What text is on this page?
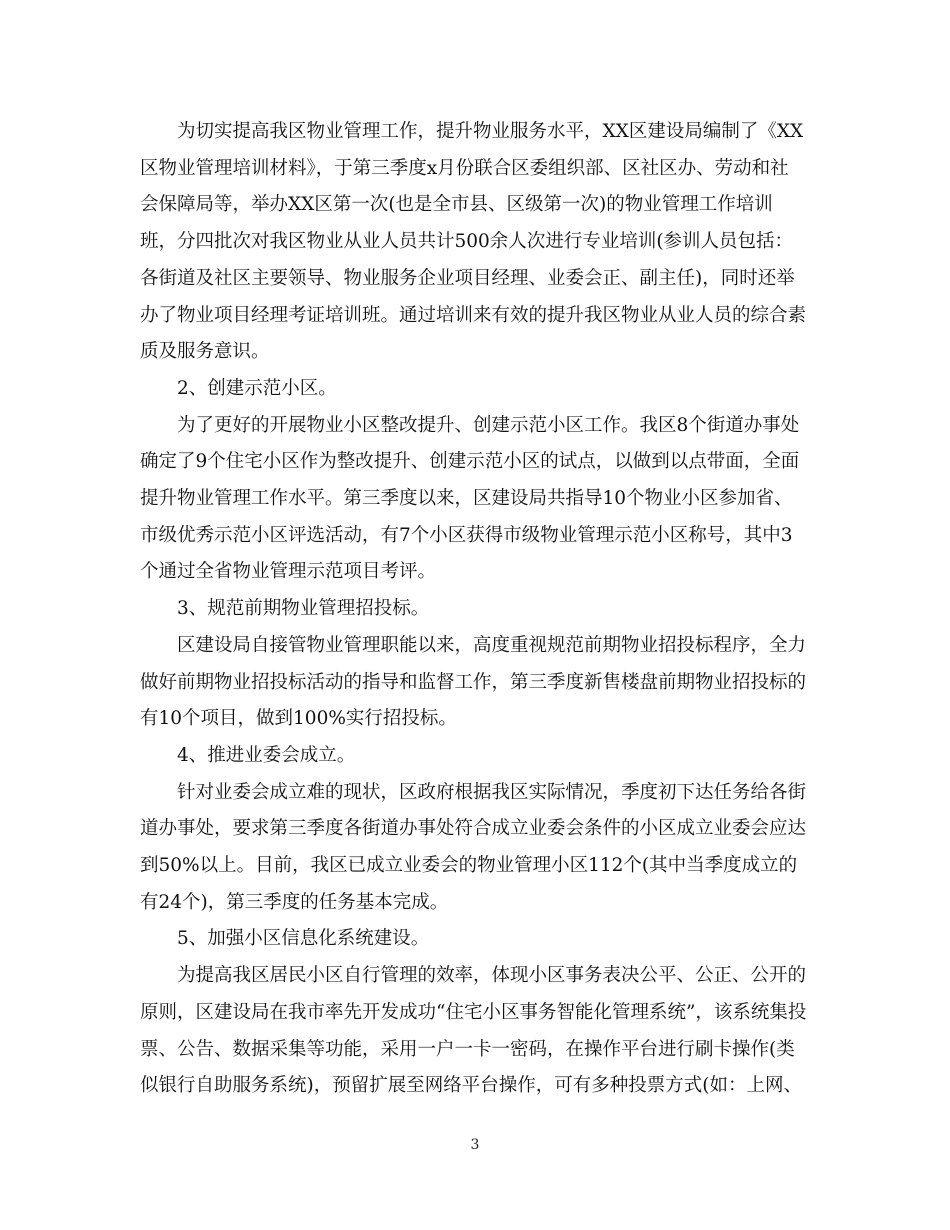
为切实提高我区物业管理工作，提升物业服务水平，XX区建设局编制了《XX
区物业管理培训材料》，于第三季度x月份联合区委组织部、区社区办、劳动和社
会保障局等，举办XX区第一次(也是全市县、区级第一次)的物业管理工作培训
班，分四批次对我区物业从业人员共计500余人次进行专业培训(参训人员包括：
各街道及社区主要领导、物业服务企业项目经理、业委会正、副主任)，同时还举
办了物业项目经理考证培训班。通过培训来有效的提升我区物业从业人员的综合素
质及服务意识。

2、创建示范小区。

为了更好的开展物业小区整改提升、创建示范小区工作。我区8个街道办事处
确定了9个住宅小区作为整改提升、创建示范小区的试点，以做到以点带面，全面
提升物业管理工作水平。第三季度以来，区建设局共指导10个物业小区参加省、
市级优秀示范小区评选活动，有7个小区获得市级物业管理示范小区称号，其中3
个通过全省物业管理示范项目考评。

3、规范前期物业管理招投标。

区建设局自接管物业管理职能以来，高度重视规范前期物业招投标程序，全力
做好前期物业招投标活动的指导和监督工作，第三季度新售楼盘前期物业招投标的
有10个项目，做到100%实行招投标。

4、推进业委会成立。

针对业委会成立难的现状，区政府根据我区实际情况，季度初下达任务给各街
道办事处，要求第三季度各街道办事处符合成立业委会条件的小区成立业委会应达
到50%以上。目前，我区已成立业委会的物业管理小区112个(其中当季度成立的
有24个)，第三季度的任务基本完成。

5、加强小区信息化系统建设。

为提高我区居民小区自行管理的效率，体现小区事务表决公平、公正、公开的
原则，区建设局在我市率先开发成功“住宅小区事务智能化管理系统”，该系统集投
票、公告、数据采集等功能，采用一户一卡一密码，在操作平台进行刷卡操作(类
似银行自助服务系统)，预留扩展至网络平台操作，可有多种投票方式(如：上网、

3
